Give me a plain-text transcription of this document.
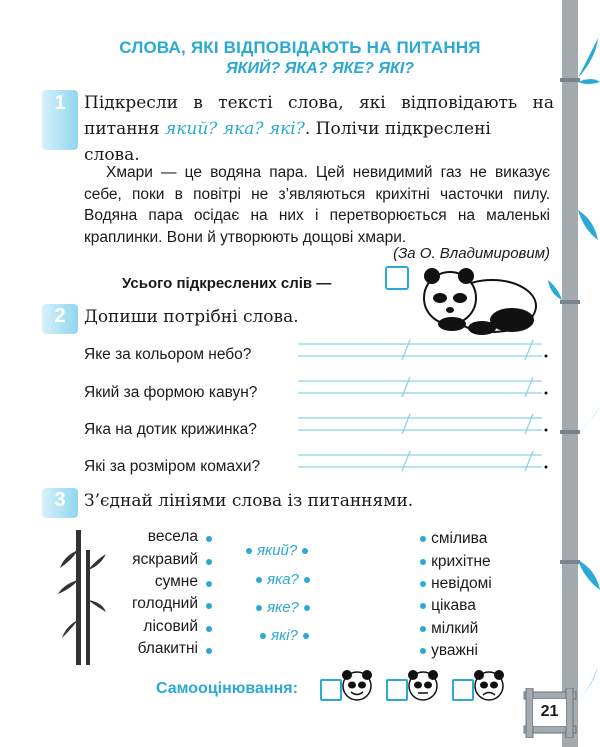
СЛОВА, ЯКІ ВІДПОВІДАЮТЬ НА ПИТАННЯ
ЯКИЙ? ЯКА? ЯКЕ? ЯКІ?
1	Підкресли в тексті слова, які відповідають на
питання який? яка? які?. Полічи підкреслені
слова.
Хмари — це водяна пара. Цей невидимий газ не виказує
себе, поки в повітрі не з’являються крихітні часточки пилу.
Водяна пара осідає на них і перетворюється на маленькі
краплинки. Вони й утворюють дощові хмари.
(За О. Владимировим)
Усього підкреслених слів —
2	Допиши потрібні слова.
Яке за кольором небо?
Який за формою кавун?
Яка на дотик крижинка?
Які за розміром комахи?
3	З’єднай лініями слова із питаннями.
весела
яскравий
сумне
голодний
лісовий
блакитні
який?
яка?
яке?
які?
смілива
крихітне
невідомі
цікава
мілкий
уважні
Самооцінювання:
21
